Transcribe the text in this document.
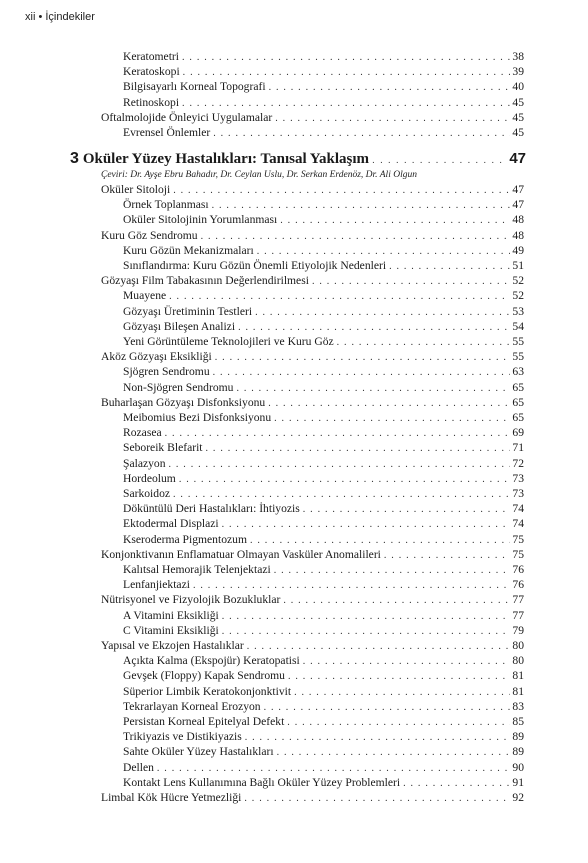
xii • İçindekiler
Keratometri . . .	38
Keratoskopi . . .	39
Bilgisayarlı Korneal Topografi . . .	40
Retinoskopi . . .	45
Oftalmolojide Önleyici Uygulamalar . . .	45
Evrensel Önlemler . . .	45
3 Oküler Yüzey Hastalıkları: Tanısal Yaklaşım . . .	47
Çeviri: Dr. Ayşe Ebru Bahadır, Dr. Ceylan Uslu, Dr. Serkan Erdenöz, Dr. Ali Olgun
Oküler Sitoloji . . .	47
Örnek Toplanması . . .	47
Oküler Sitolojinin Yorumlanması . . .	48
Kuru Göz Sendromu . . .	48
Kuru Gözün Mekanizmaları . . .	49
Sınıflandırma: Kuru Gözün Önemli Etiyolojik Nedenleri . . .	51
Gözyaşı Film Tabakasının Değerlendirilmesi . . .	52
Muayene . . .	52
Gözyaşı Üretiminin Testleri . . .	53
Gözyaşı Bileşen Analizi . . .	54
Yeni Görüntüleme Teknolojileri ve Kuru Göz . . .	55
Aköz Gözyaşı Eksikliği . . .	55
Sjögren Sendromu . . .	63
Non-Sjögren Sendromu . . .	65
Buharlaşan Gözyaşı Disfonksiyonu . . .	65
Meibomius Bezi Disfonksiyonu . . .	65
Rozasea . . .	69
Seboreik Blefarit . . .	71
Şalazyon . . .	72
Hordeolum . . .	73
Sarkoidoz . . .	73
Döküntülü Deri Hastalıkları: İhtiyozis . . .	74
Ektodermal Displazi . . .	74
Kseroderma Pigmentozum . . .	75
Konjonktivanın Enflamatuar Olmayan Vasküler Anomalileri . . .	75
Kalıtsal Hemorajik Telenjektazi . . .	76
Lenfanjiektazi . . .	76
Nütrisyonel ve Fizyolojik Bozukluklar . . .	77
A Vitamini Eksikliği . . .	77
C Vitamini Eksikliği . . .	79
Yapısal ve Ekzojen Hastalıklar . . .	80
Açıkta Kalma (Ekspojür) Keratopatisi . . .	80
Gevşek (Floppy) Kapak Sendromu . . .	81
Süperior Limbik Keratokonjonktivit . . .	81
Tekrarlayan Korneal Erozyon . . .	83
Persistan Korneal Epitelyal Defekt . . .	85
Trikiyazis ve Distikiyazis . . .	89
Sahte Oküler Yüzey Hastalıkları . . .	89
Dellen . . .	90
Kontakt Lens Kullanımına Bağlı Oküler Yüzey Problemleri . . .	91
Limbal Kök Hücre Yetmezliği . . .	92
